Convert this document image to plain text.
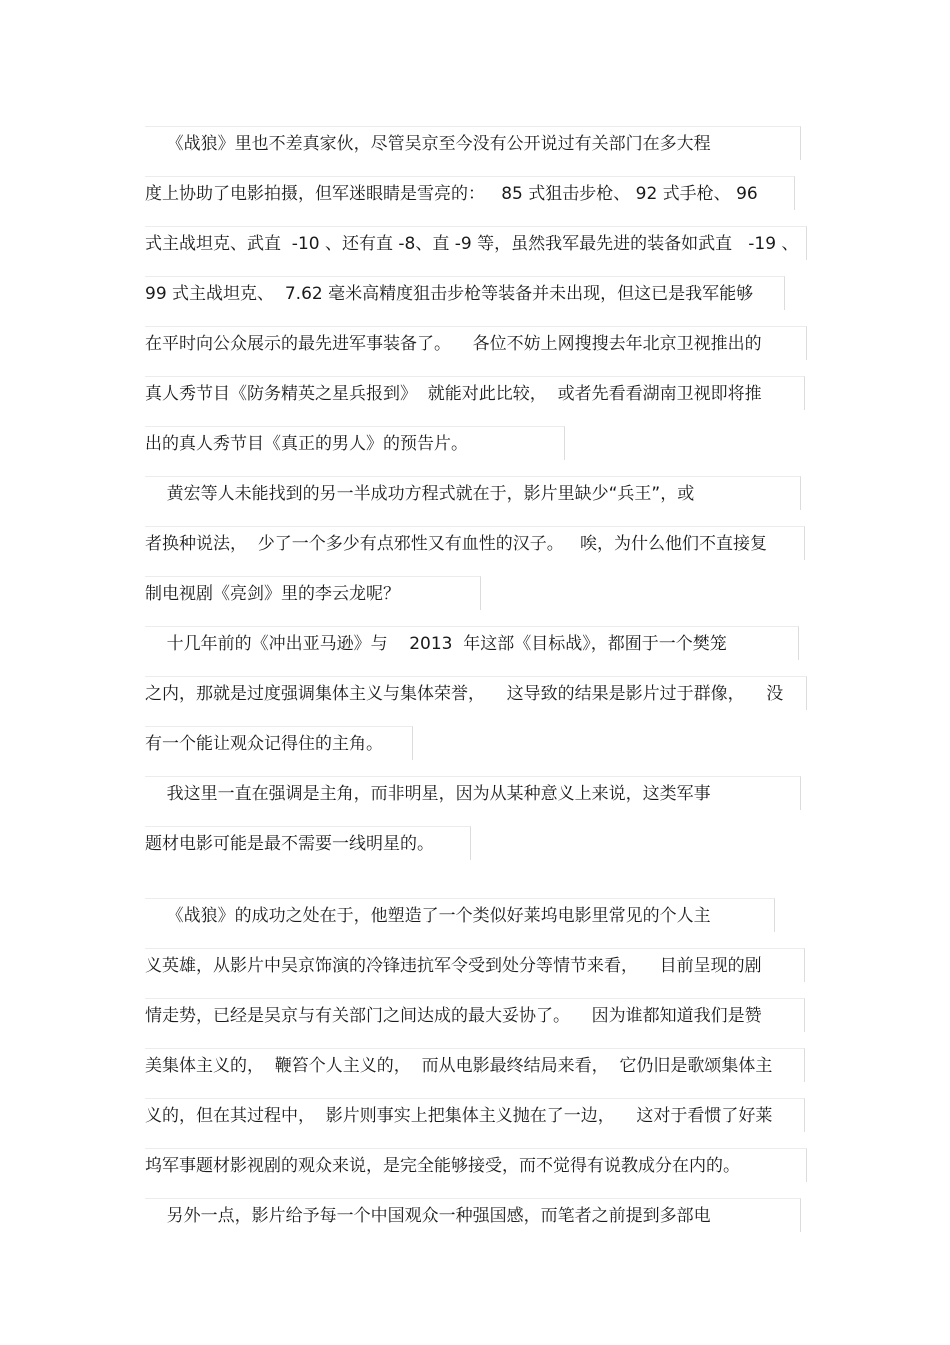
《战狼》里也不差真家伙，尽管吴京至今没有公开说过有关部门在多大程
度上协助了电影拍摄，但军迷眼睛是雪亮的：   85 式狙击步枪、 92 式手枪、 96
式主战坦克、武直  -10 、还有直 -8、直 -9 等，虽然我军最先进的装备如武直   -19 、
99 式主战坦克、  7.62 毫米高精度狙击步枪等装备并未出现，但这已是我军能够
在平时向公众展示的最先进军事装备了。    各位不妨上网搜搜去年北京卫视推出的
真人秀节目《防务精英之星兵报到》  就能对此比较，  或者先看看湖南卫视即将推
出的真人秀节目《真正的男人》的预告片。
黄宏等人未能找到的另一半成功方程式就在于，影片里缺少“兵王”，或
者换种说法，  少了一个多少有点邪性又有血性的汉子。   唉，为什么他们不直接复
制电视剧《亮剑》里的李云龙呢？
十几年前的《冲出亚马逊》与    2013  年这部《目标战》，都囿于一个樊笼
之内，那就是过度强调集体主义与集体荣誉，    这导致的结果是影片过于群像，    没
有一个能让观众记得住的主角。
我这里一直在强调是主角，而非明星，因为从某种意义上来说，这类军事
题材电影可能是最不需要一线明星的。
《战狼》的成功之处在于，他塑造了一个类似好莱坞电影里常见的个人主
义英雄，从影片中吴京饰演的冷锋违抗军令受到处分等情节来看，    目前呈现的剧
情走势，已经是吴京与有关部门之间达成的最大妥协了。    因为谁都知道我们是赞
美集体主义的，  鞭笞个人主义的，  而从电影最终结局来看，  它仍旧是歌颂集体主
义的，但在其过程中，  影片则事实上把集体主义抛在了一边，    这对于看惯了好莱
坞军事题材影视剧的观众来说，是完全能够接受，而不觉得有说教成分在内的。
另外一点，影片给予每一个中国观众一种强国感，而笔者之前提到多部电
